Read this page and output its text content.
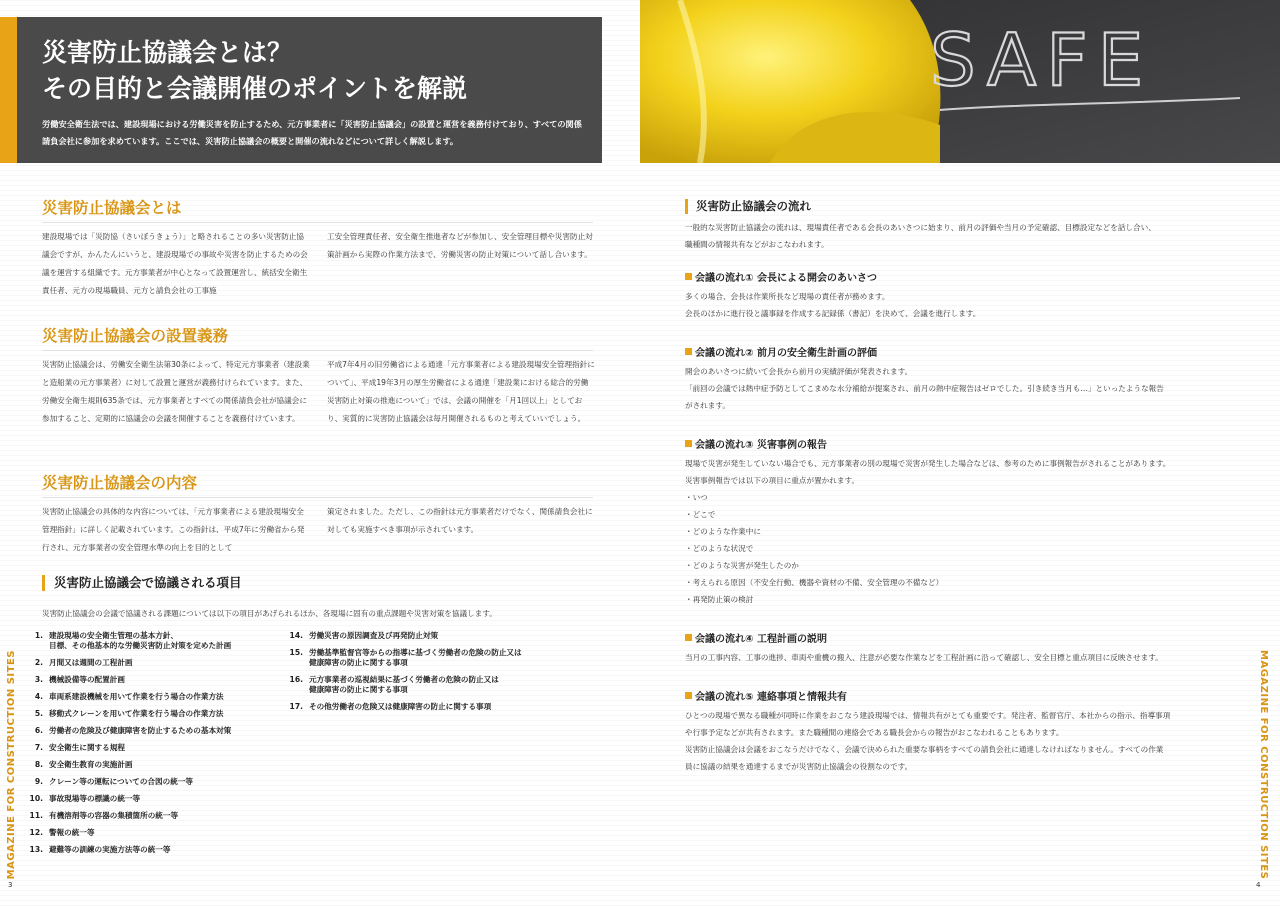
災害防止協議会とは？
その目的と会議開催のポイントを解説

労働安全衛生法では、建設現場における労働災害を防止するため、元方事業者に「災害防止協議会」の設置と運営を義務付けており、すべての関係請負会社に参加を求めています。ここでは、災害防止協議会の概要と開催の流れなどについて詳しく解説します。

災害防止協議会とは

建設現場では「災防協（さいぼうきょう）」と略されることの多い災害防止協議会ですが、かんたんにいうと、建設現場での事故や災害を防止するための会議を運営する組織です。元方事業者が中心となって設置運営し、統括安全衛生責任者、元方の現場職員、元方と請負会社の工事施

工安全管理責任者、安全衛生推進者などが参加し、安全管理目標や災害防止対策計画から実際の作業方法まで、労働災害の防止対策について話し合います。

災害防止協議会の設置義務

災害防止協議会は、労働安全衛生法第30条によって、特定元方事業者（建設業と造船業の元方事業者）に対して設置と運営が義務付けられています。また、労働安全衛生規則635条では、元方事業者とすべての関係請負会社が協議会に参加すること、定期的に協議会の会議を開催することを義務付けています。

平成7年4月の旧労働省による通達「元方事業者による建設現場安全管理指針について」、平成19年3月の厚生労働省による通達「建設業における総合的労働災害防止対策の推進について」では、会議の開催を「月1回以上」としており、実質的に災害防止協議会は毎月開催されるものと考えていいでしょう。

災害防止協議会の内容

災害防止協議会の具体的な内容については、「元方事業者による建設現場安全管理指針」に詳しく記載されています。この指針は、平成7年に労働省から発行され、元方事業者の安全管理水準の向上を目的として

策定されました。ただし、この指針は元方事業者だけでなく、関係請負会社に対しても実施すべき事項が示されています。

災害防止協議会で協議される項目

災害防止協議会の会議で協議される課題については以下の項目があげられるほか、各現場に固有の重点課題や災害対策を協議します。

1. 建設現場の安全衛生管理の基本方針、
目標、その他基本的な労働災害防止対策を定めた計画
2. 月間又は週間の工程計画
3. 機械設備等の配置計画
4. 車両系建設機械を用いて作業を行う場合の作業方法
5. 移動式クレーンを用いて作業を行う場合の作業方法
6. 労働者の危険及び健康障害を防止するための基本対策
7. 安全衛生に関する規程
8. 安全衛生教育の実施計画
9. クレーン等の運転についての合図の統一等
10. 事故現場等の標識の統一等
11. 有機溶剤等の容器の集積箇所の統一等
12. 警報の統一等
13. 避難等の訓練の実施方法等の統一等
14. 労働災害の原因調査及び再発防止対策
15. 労働基準監督官等からの指導に基づく労働者の危険の防止又は
健康障害の防止に関する事項
16. 元方事業者の巡視結果に基づく労働者の危険の防止又は
健康障害の防止に関する事項
17. その他労働者の危険又は健康障害の防止に関する事項
MAGAZINE FOR CONSTRUCTION SITES
3
SAFE
災害防止協議会の流れ

一般的な災害防止協議会の流れは、現場責任者である会長のあいさつに始まり、前月の評価や当月の予定確認、目標設定などを話し合い、
職種間の情報共有などがおこなわれます。

MAGAZINE FOR CONSTRUCTION SITES
4
会議の流れ① 会長による開会のあいさつ

多くの場合、会長は作業所長など現場の責任者が務めます。
会長のほかに進行役と議事録を作成する記録係（書記）を決めて、会議を進行します。

会議の流れ② 前月の安全衛生計画の評価

開会のあいさつに続いて会長から前月の実績評価が発表されます。
「前回の会議では熱中症予防としてこまめな水分補給が提案され、前月の熱中症報告はゼロでした。引き続き当月も…」といったような報告
がされます。

会議の流れ③ 災害事例の報告

現場で災害が発生していない場合でも、元方事業者の別の現場で災害が発生した場合などは、参考のために事例報告がされることがあります。
災害事例報告では以下の項目に重点が置かれます。
・いつ
・どこで
・どのような作業中に
・どのような状況で
・どのような災害が発生したのか
・考えられる原因（不安全行動、機器や資材の不備、安全管理の不備など）
・再発防止策の検討

会議の流れ④ 工程計画の説明

当月の工事内容、工事の進捗、車両や重機の搬入、注意が必要な作業などを工程計画に沿って確認し、安全目標と重点項目に反映させます。

会議の流れ⑤ 連絡事項と情報共有

ひとつの現場で異なる職種が同時に作業をおこなう建設現場では、情報共有がとても重要です。発注者、監督官庁、本社からの指示、指導事項
や行事予定などが共有されます。また職種間の連絡会である職長会からの報告がおこなわれることもあります。
災害防止協議会は会議をおこなうだけでなく、会議で決められた重要な事柄をすべての請負会社に通達しなければなりません。すべての作業
員に協議の結果を通達するまでが災害防止協議会の役割なのです。
